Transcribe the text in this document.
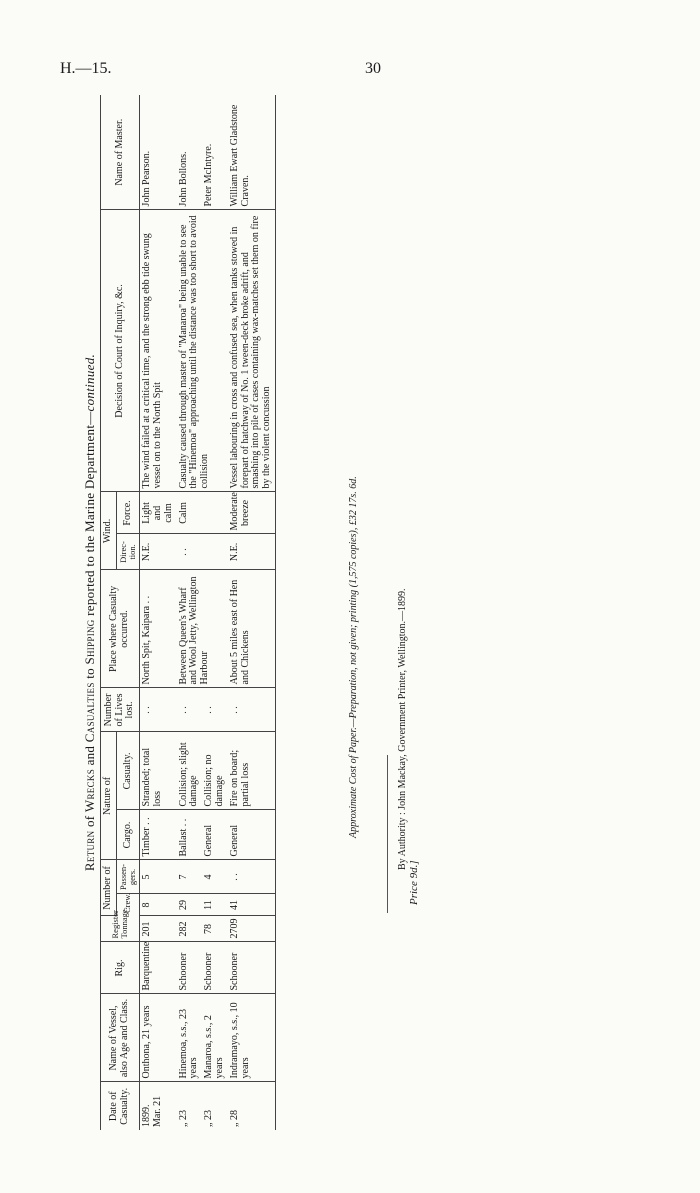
H.—15.	30
Return of Wrecks and Casualties to Shipping reported to the Marine Department—continued.
Date of Casualty.	Name of Vessel, also Age and Class.	Rig.	Register Tonnage.	Number of		Nature of		Number of Lives lost.	Place where Casualty occurred.	Wind.		Decision of Court of Inquiry, &c.	Name of Master.
				Crew.	Passen-gers.	Cargo.	Casualty.			Direc-tion.	Force.		
1899. Mar. 21	Onthona, 21 years	Barquentine	201	8	5	Timber . .	Stranded; total loss	. .	North Spit, Kaipara . .	N.E.	Light and calm	The wind failed at a critical time, and the strong ebb tide swung vessel on to the North Spit	John Pearson.
„ 23	Hinemoa, s.s., 23 years	Schooner	282	29	7	Ballast . .	Collision; slight damage	. .	Between Queen's Wharf and Wool Jetty, Wellington Harbour	. .	Calm	Casualty caused through master of "Manaroa" being unable to see the "Hinemoa" approaching until the distance was too short to avoid collision	John Bollons.
„ 23	Manaroa, s.s., 2 years	Schooner	78	11	4	General	Collision; no damage	. .					Peter McIntyre.
„ 28	Indramayo, s.s., 10 years	Schooner	2709	41	. .	General	Fire on board; partial loss	. .	About 5 miles east of Hen and Chickens	N.E.	Moderate breeze	Vessel labouring in cross and confused sea, when tanks stowed in forepart of hatchway of No. 1 tween-deck broke adrift, and smashing into pile of cases containing wax-matches set them on fire by the violent concussion	William Ewart Gladstone Craven.
Approximate Cost of Paper.—Preparation, not given; printing (1,575 copies), £32 17s. 6d.	By Authority : John Mackay, Government Printer, Wellington.—1899.
Price 9d.]
